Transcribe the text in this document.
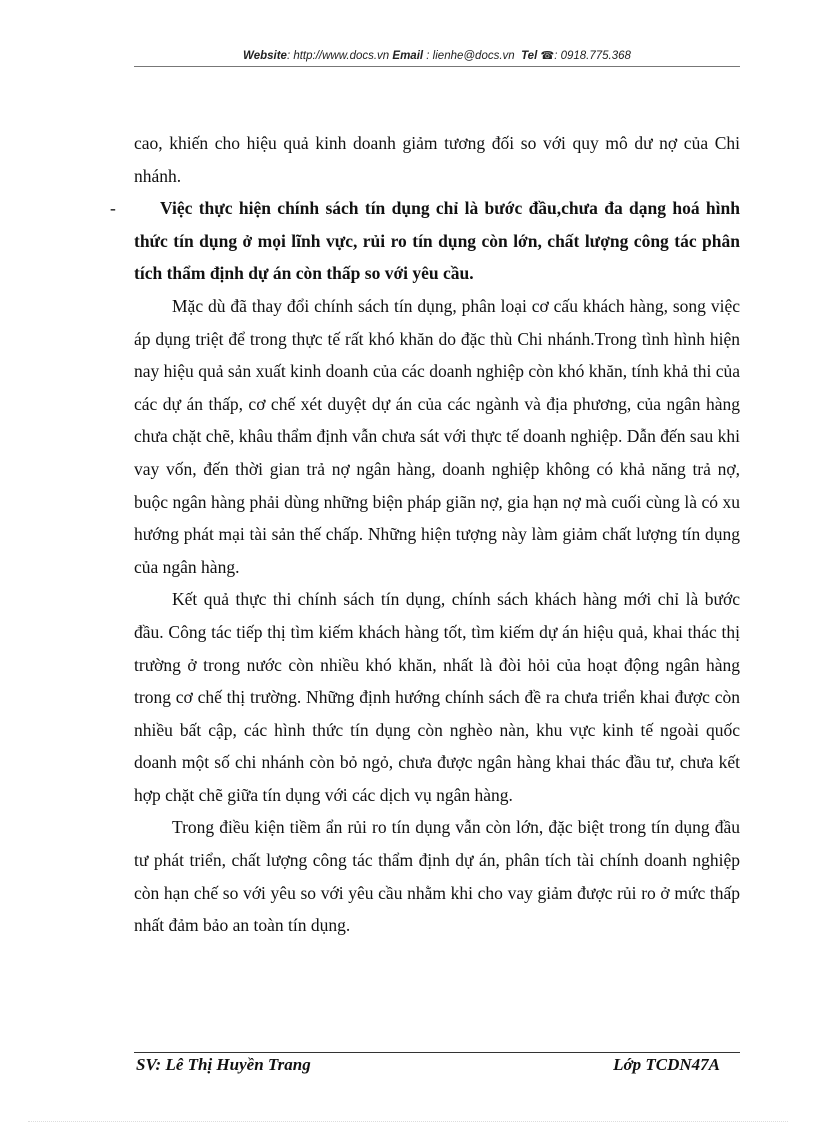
Website: http://www.docs.vn Email : lienhe@docs.vn Tel ☎: 0918.775.368

cao, khiến cho hiệu quả kinh doanh giảm tương đối so với quy mô dư nợ của Chi nhánh.

-	Việc thực hiện chính sách tín dụng chỉ là bước đầu,chưa đa dạng hoá hình thức tín dụng ở mọi lĩnh vực, rủi ro tín dụng còn lớn, chất lượng công tác phân tích thẩm định dự án còn thấp so với yêu cầu.

Mặc dù đã thay đổi chính sách tín dụng, phân loại cơ cấu khách hàng, song việc áp dụng triệt để trong thực tế rất khó khăn do đặc thù Chi nhánh.Trong tình hình hiện nay hiệu quả sản xuất kinh doanh của các doanh nghiệp còn khó khăn, tính khả thi của các dự án thấp, cơ chế xét duyệt dự án của các ngành và địa phương, của ngân hàng chưa chặt chẽ, khâu thẩm định vẫn chưa sát với thực tế doanh nghiệp. Dẫn đến sau khi vay vốn, đến thời gian trả nợ ngân hàng, doanh nghiệp không có khả năng trả nợ, buộc ngân hàng phải dùng những biện pháp giãn nợ, gia hạn nợ mà cuối cùng là có xu hướng phát mại tài sản thế chấp. Những hiện tượng này làm giảm chất lượng tín dụng của ngân hàng.

Kết quả thực thi chính sách tín dụng, chính sách khách hàng mới chỉ là bước đầu. Công tác tiếp thị tìm kiếm khách hàng tốt, tìm kiếm dự án hiệu quả, khai thác thị trường ở trong nước còn nhiều khó khăn, nhất là đòi hỏi của hoạt động ngân hàng trong cơ chế thị trường. Những định hướng chính sách đề ra chưa triển khai được còn nhiều bất cập, các hình thức tín dụng còn nghèo nàn, khu vực kinh tế ngoài quốc doanh một số chi nhánh còn bỏ ngỏ, chưa được ngân hàng khai thác đầu tư, chưa kết hợp chặt chẽ giữa tín dụng với các dịch vụ ngân hàng.

Trong điều kiện tiềm ẩn rủi ro tín dụng vẫn còn lớn, đặc biệt trong tín dụng đầu tư phát triển, chất lượng công tác thẩm định dự án, phân tích tài chính doanh nghiệp còn hạn chế so với yêu so với yêu cầu nhằm khi cho vay giảm được rủi ro ở mức thấp nhất đảm bảo an toàn tín dụng.

SV: Lê Thị Huyền Trang	Lớp TCDN47A
